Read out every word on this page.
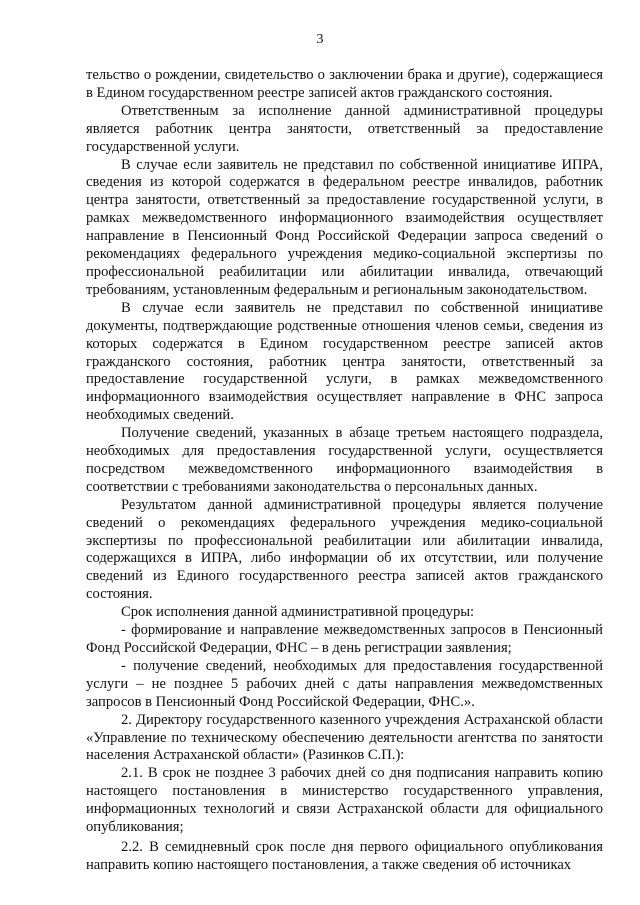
3

тельство о рождении, свидетельство о заключении брака и другие), содержащиеся в Едином государственном реестре записей актов гражданского состояния.

Ответственным за исполнение данной административной процедуры является работник центра занятости, ответственный за предоставление государственной услуги.

В случае если заявитель не представил по собственной инициативе ИПРА, сведения из которой содержатся в федеральном реестре инвалидов, работник центра занятости, ответственный за предоставление государственной услуги, в рамках межведомственного информационного взаимодействия осуществляет направление в Пенсионный Фонд Российской Федерации запроса сведений о рекомендациях федерального учреждения медико-социальной экспертизы по профессиональной реабилитации или абилитации инвалида, отвечающий требованиям, установленным федеральным и региональным законодательством.

В случае если заявитель не представил по собственной инициативе документы, подтверждающие родственные отношения членов семьи, сведения из которых содержатся в Едином государственном реестре записей актов гражданского состояния, работник центра занятости, ответственный за предоставление государственной услуги, в рамках межведомственного информационного взаимодействия осуществляет направление в ФНС запроса необходимых сведений.

Получение сведений, указанных в абзаце третьем настоящего подраздела, необходимых для предоставления государственной услуги, осуществляется посредством межведомственного информационного взаимодействия в соответствии с требованиями законодательства о персональных данных.

Результатом данной административной процедуры является получение сведений о рекомендациях федерального учреждения медико-социальной экспертизы по профессиональной реабилитации или абилитации инвалида, содержащихся в ИПРА, либо информации об их отсутствии, или получение сведений из Единого государственного реестра записей актов гражданского состояния.

Срок исполнения данной административной процедуры:

- формирование и направление межведомственных запросов в Пенсионный Фонд Российской Федерации, ФНС – в день регистрации заявления;

- получение сведений, необходимых для предоставления государственной услуги – не позднее 5 рабочих дней с даты направления межведомственных запросов в Пенсионный Фонд Российской Федерации, ФНС.».

2. Директору государственного казенного учреждения Астраханской области «Управление по техническому обеспечению деятельности агентства по занятости населения Астраханской области» (Разинков С.П.):

2.1. В срок не позднее 3 рабочих дней со дня подписания направить копию настоящего постановления в министерство государственного управления, информационных технологий и связи Астраханской области для официального опубликования;

2.2. В семидневный срок после дня первого официального опубликования направить копию настоящего постановления, а также сведения об источниках
